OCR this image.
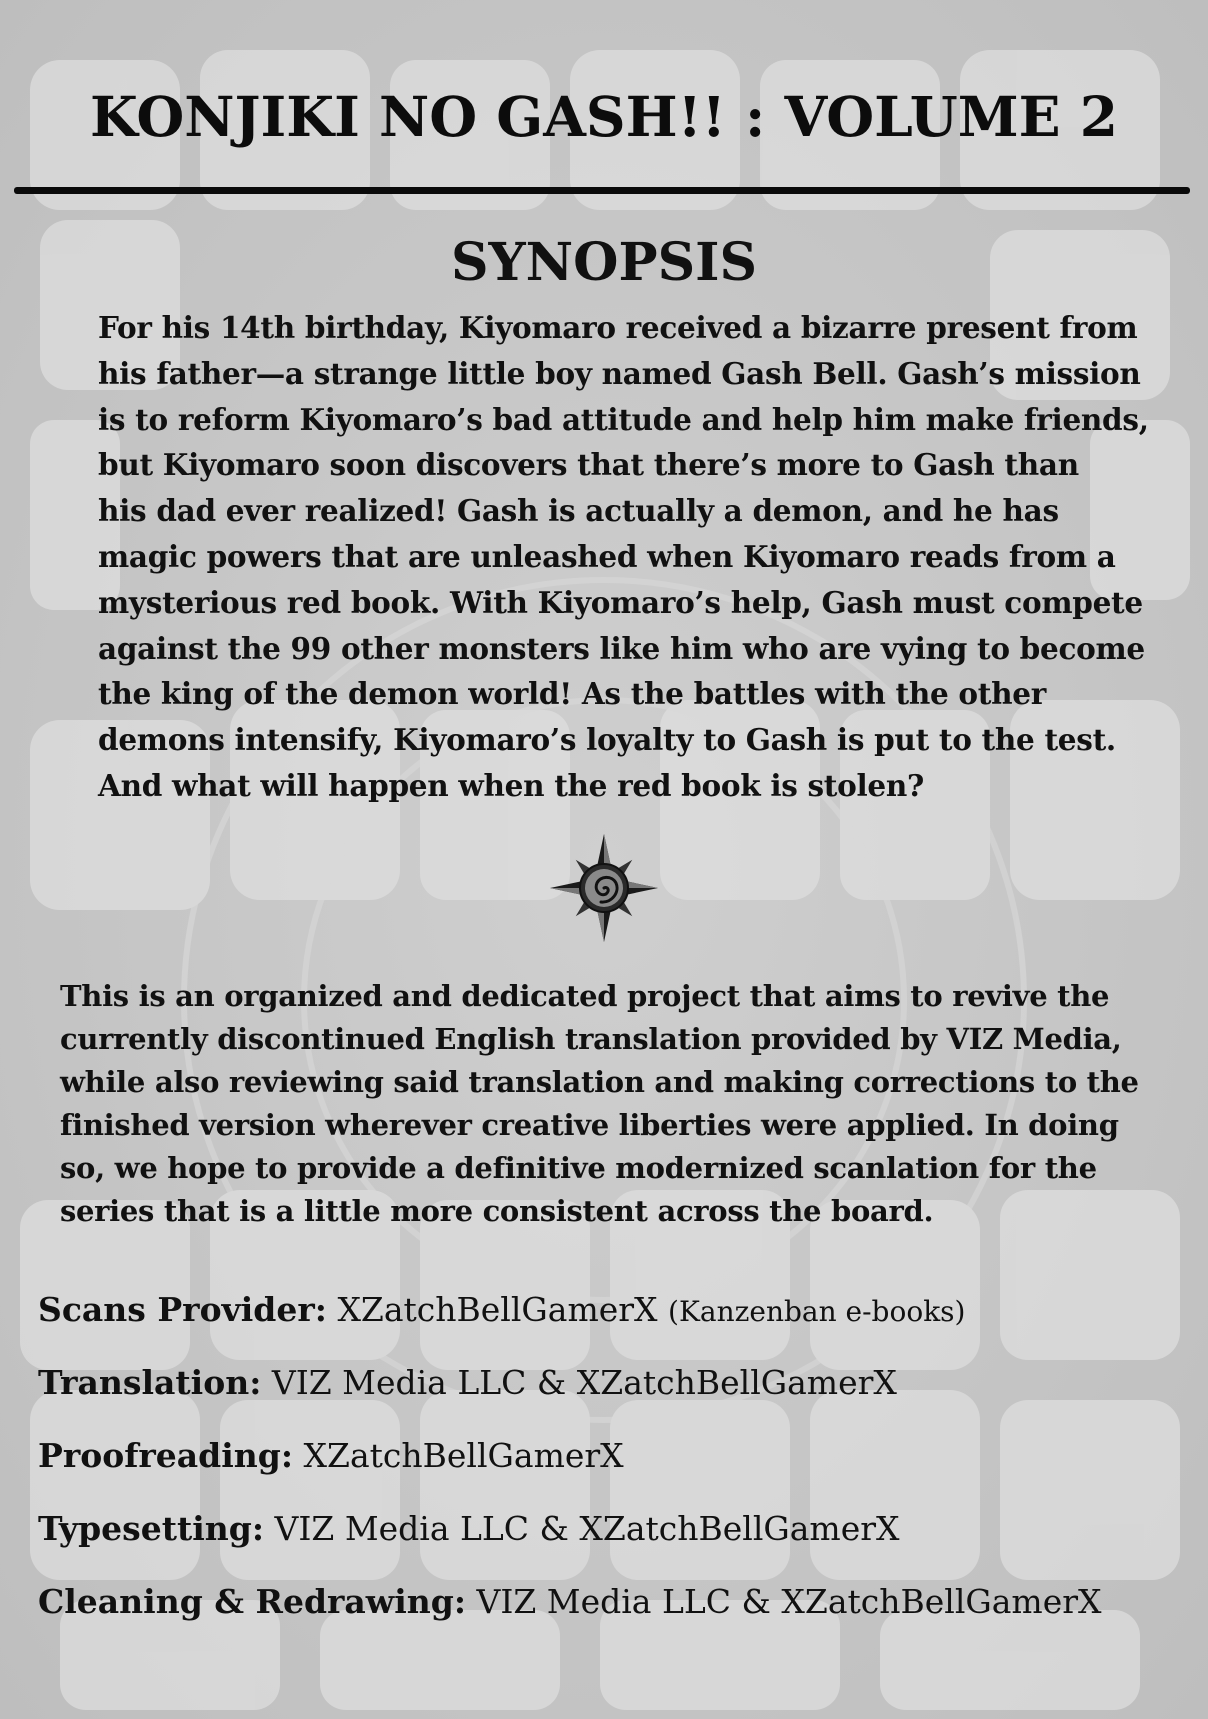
KONJIKI NO GASH!! : VOLUME 2
SYNOPSIS

For his 14th birthday, Kiyomaro received a bizarre present from
his father—a strange little boy named Gash Bell. Gash’s mission
is to reform Kiyomaro’s bad attitude and help him make friends,
but Kiyomaro soon discovers that there’s more to Gash than
his dad ever realized! Gash is actually a demon, and he has
magic powers that are unleashed when Kiyomaro reads from a
mysterious red book. With Kiyomaro’s help, Gash must compete
against the 99 other monsters like him who are vying to become
the king of the demon world! As the battles with the other
demons intensify, Kiyomaro’s loyalty to Gash is put to the test.
And what will happen when the red book is stolen?

This is an organized and dedicated project that aims to revive the
currently discontinued English translation provided by VIZ Media,
while also reviewing said translation and making corrections to the
finished version wherever creative liberties were applied. In doing
so, we hope to provide a definitive modernized scanlation for the
series that is a little more consistent across the board.

Scans Provider: XZatchBellGamerX (Kanzenban e-books)
Translation: VIZ Media LLC & XZatchBellGamerX
Proofreading: XZatchBellGamerX
Typesetting: VIZ Media LLC & XZatchBellGamerX
Cleaning & Redrawing: VIZ Media LLC & XZatchBellGamerX
